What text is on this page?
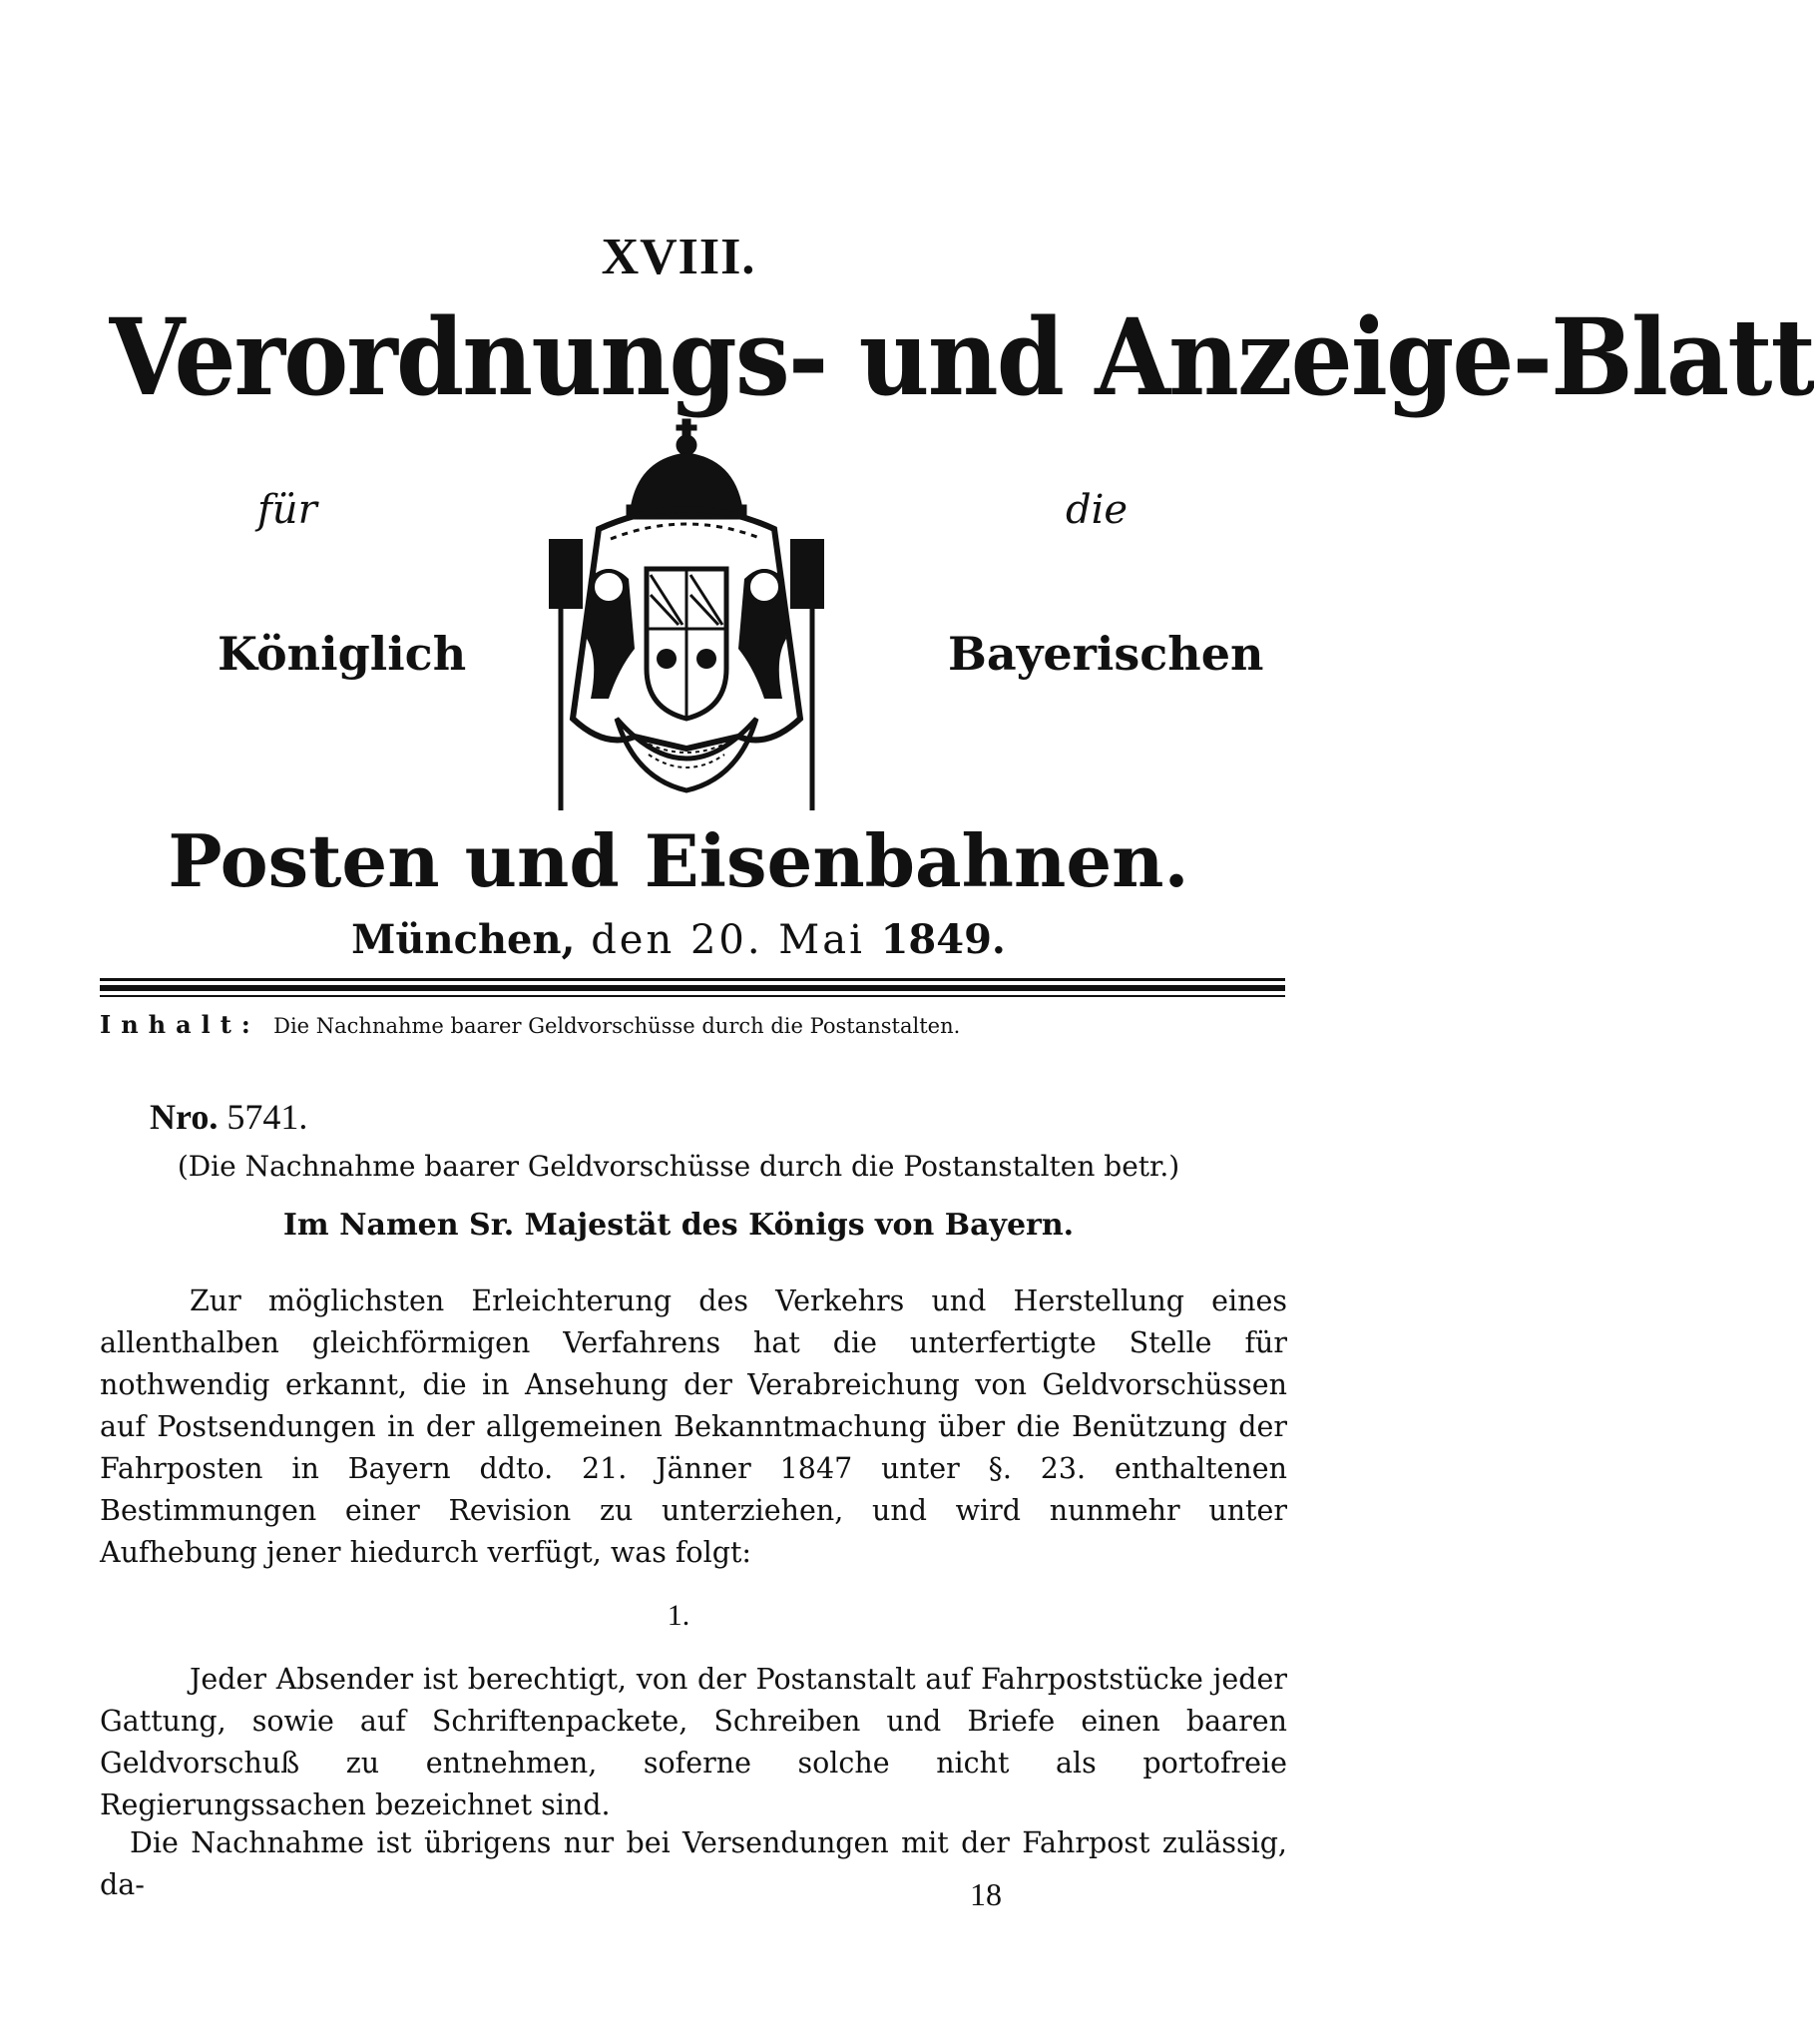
XVIII.
Verordnungs- und Anzeige-Blatt
für	die
Königlich	Bayerischen
Posten und Eisenbahnen.
München, den 20. Mai 1849.
Inhalt: Die Nachnahme baarer Geldvorschüsse durch die Postanstalten.
Nro. 5741.
(Die Nachnahme baarer Geldvorschüsse durch die Postanstalten betr.)
Im Namen Sr. Majestät des Königs von Bayern.
Zur möglichsten Erleichterung des Verkehrs und Herstellung eines allenthalben gleichförmigen Verfahrens hat die unterfertigte Stelle für nothwendig erkannt, die in Ansehung der Verabreichung von Geldvorschüssen auf Postsendungen in der allgemeinen Bekanntmachung über die Benützung der Fahrposten in Bayern ddto. 21. Jänner 1847 unter §. 23. enthaltenen Bestimmungen einer Revision zu unterziehen, und wird nunmehr unter Aufhebung jener hiedurch verfügt, was folgt:
1.
Jeder Absender ist berechtigt, von der Postanstalt auf Fahrpoststücke jeder Gattung, sowie auf Schriftenpackete, Schreiben und Briefe einen baaren Geldvorschuß zu entnehmen, soferne solche nicht als portofreie Regierungssachen bezeichnet sind.
Die Nachnahme ist übrigens nur bei Versendungen mit der Fahrpost zulässig, da-	18
